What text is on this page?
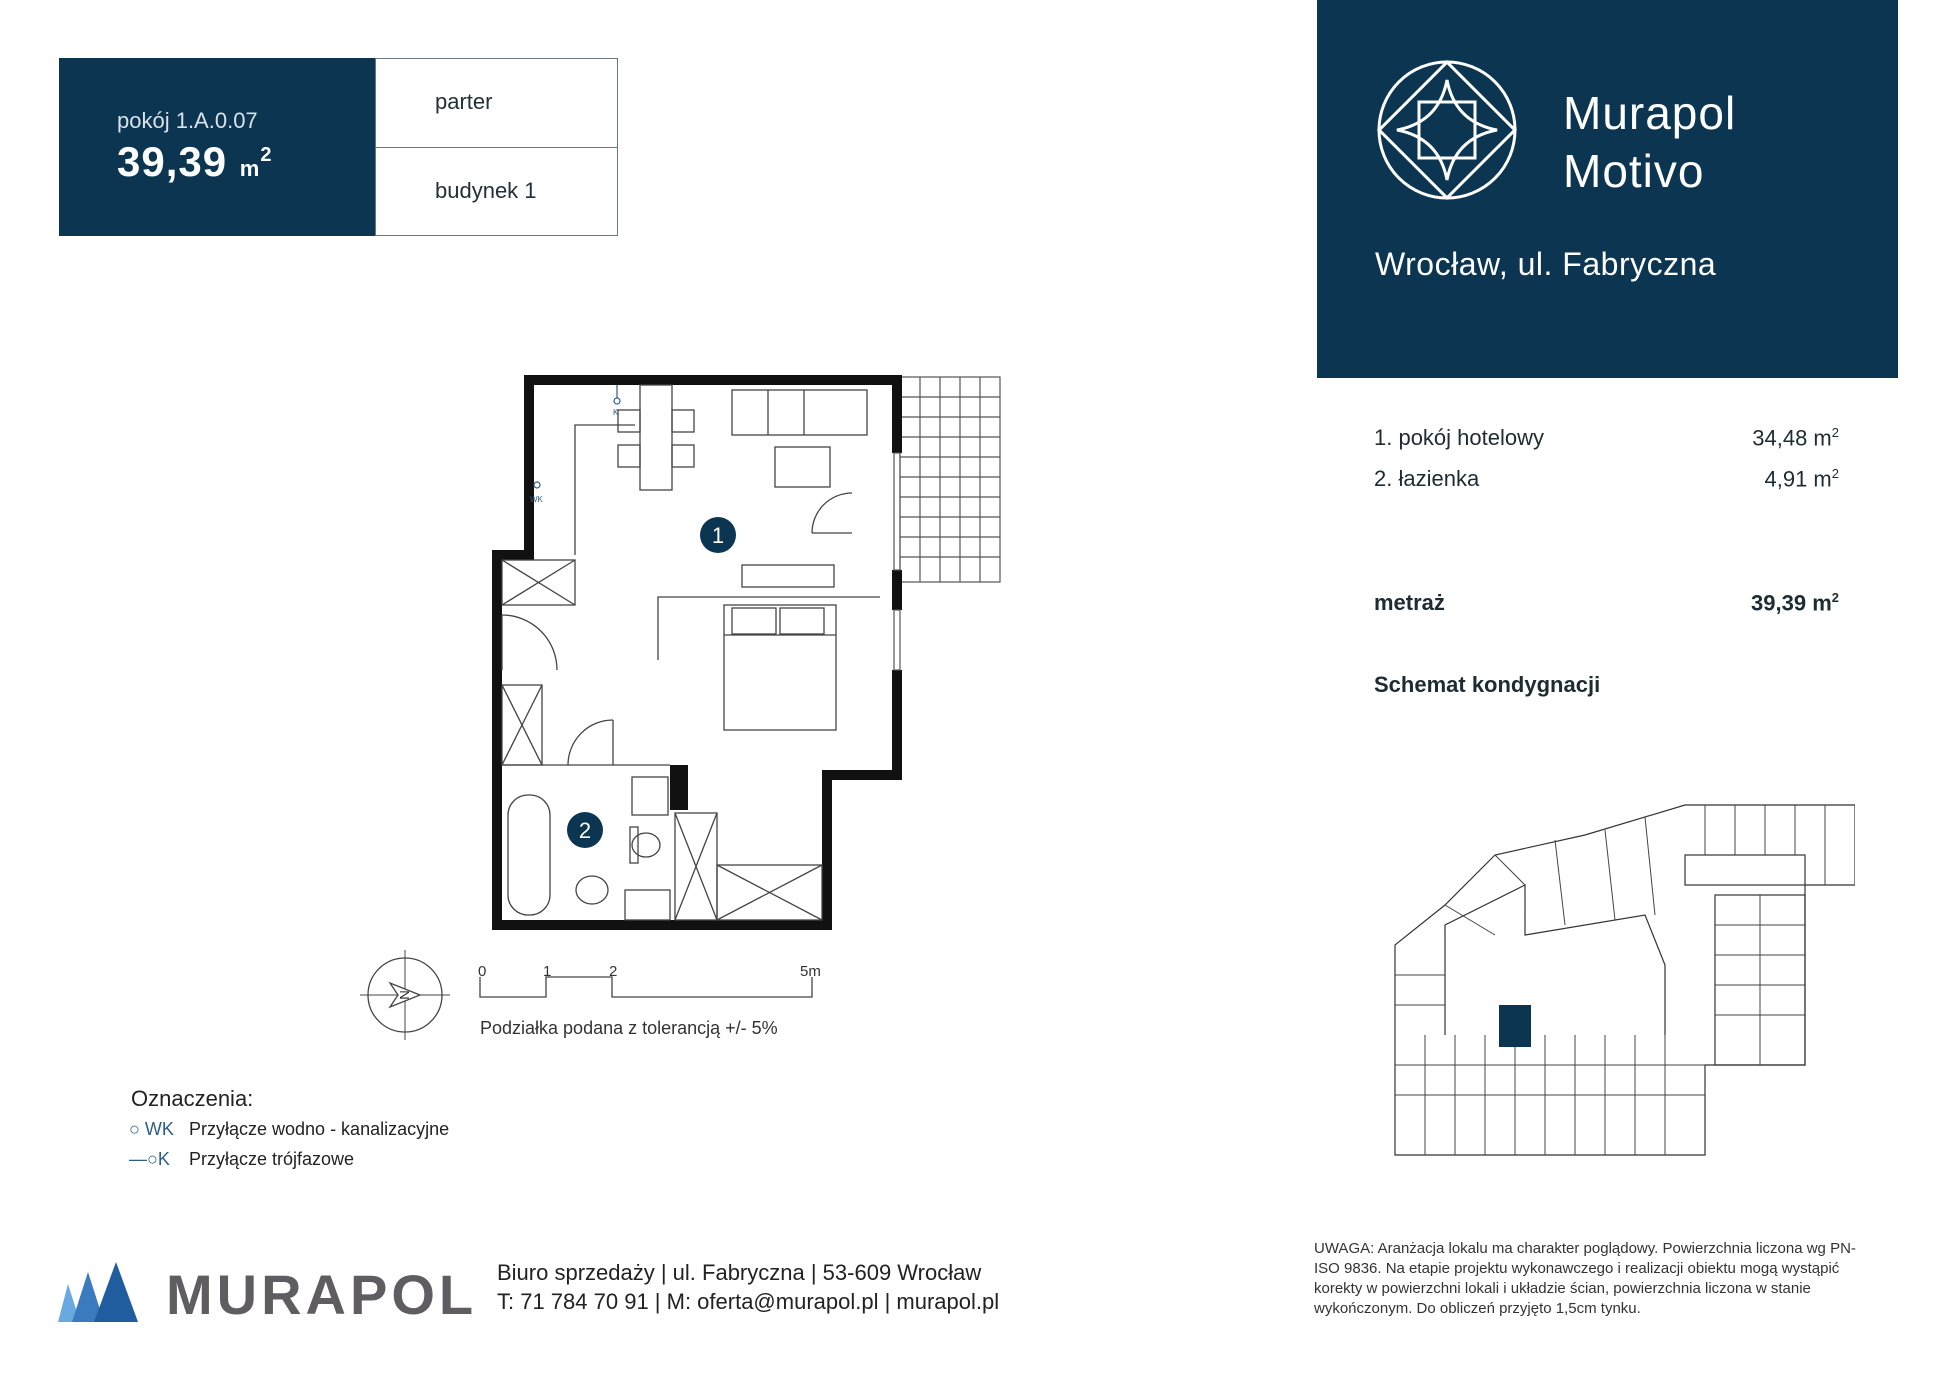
pokój 1.A.0.07
39,39 $m^2$
parter
budynek 1
Murapol
Motivo
Wrocław, ul. Fabryczna
1. pokój hotelowy	34,48 $m^2$
2. łazienka	4,91 $m^2$
metraż	39,39 $m^2$
Schemat kondygnacji
K
WK
1
2
N
0	1	2	5m
Podziałka podana z tolerancją +/- 5%
Oznaczenia:
○ WK Przyłącze wodno - kanalizacyjne
—○K Przyłącze trójfazowe
MURAPOL Biuro sprzedaży | ul. Fabryczna | 53-609 Wrocław
T: 71 784 70 91 | M: oferta@murapol.pl | murapol.pl
UWAGA: Aranżacja lokalu ma charakter poglądowy. Powierzchnia liczona wg PN-ISO 9836. Na etapie projektu wykonawczego i realizacji obiektu mogą wystąpić korekty w powierzchni lokali i układzie ścian, powierzchnia liczona w stanie wykończonym. Do obliczeń przyjęto 1,5cm tynku.
